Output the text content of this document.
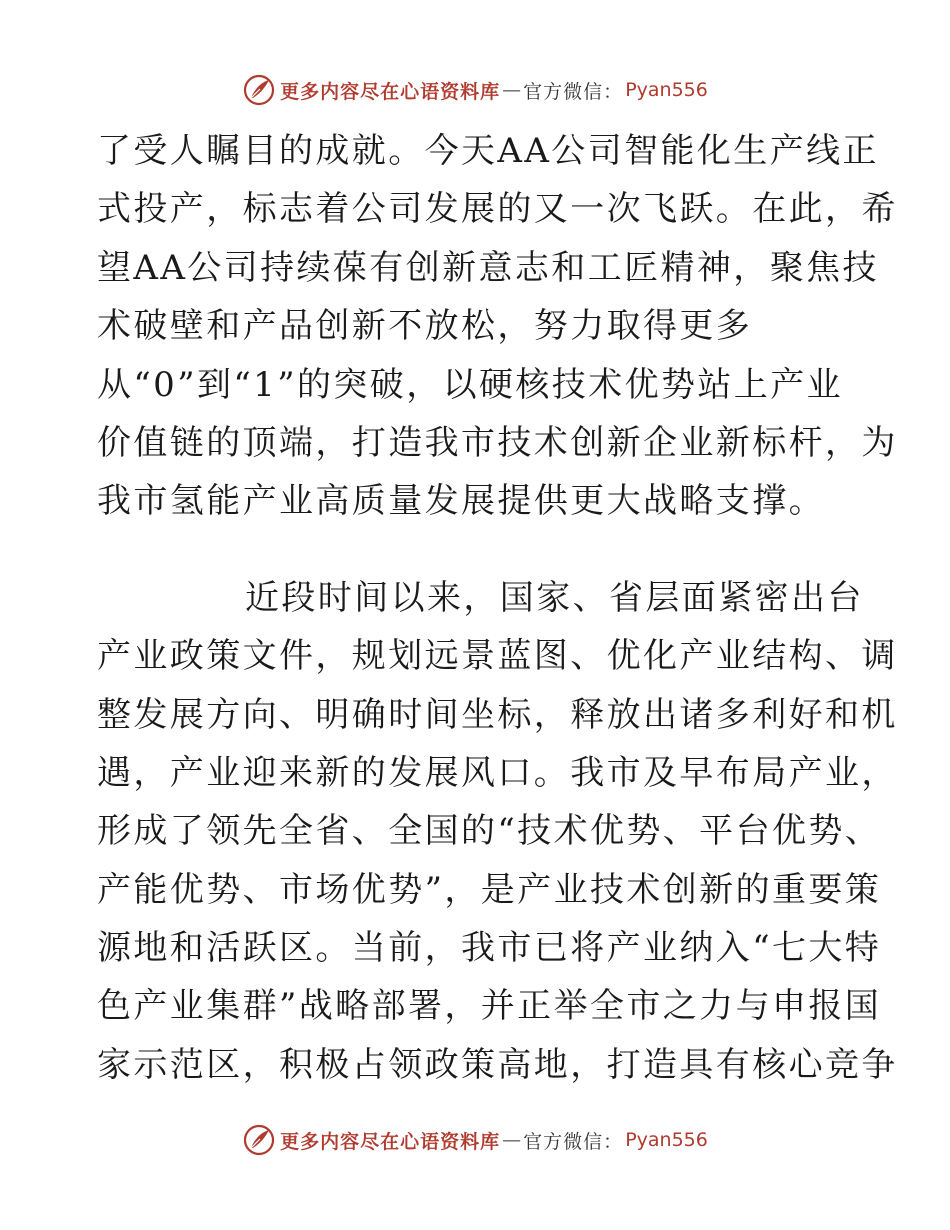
更多内容尽在心语资料库 — 官方微信： Pyan556
了受人瞩目的成就。今天AA公司智能化生产线正
式投产，标志着公司发展的又一次飞跃。在此，希
望AA公司持续葆有创新意志和工匠精神，聚焦技
术破壁和产品创新不放松，努力取得更多
从“0”到“1”的突破，以硬核技术优势站上产业
价值链的顶端，打造我市技术创新企业新标杆，为
我市氢能产业高质量发展提供更大战略支撑。
近段时间以来，国家、省层面紧密出台
产业政策文件，规划远景蓝图、优化产业结构、调
整发展方向、明确时间坐标，释放出诸多利好和机
遇，产业迎来新的发展风口。我市及早布局产业，
形成了领先全省、全国的“技术优势、平台优势、
产能优势、市场优势”，是产业技术创新的重要策
源地和活跃区。当前，我市已将产业纳入“七大特
色产业集群”战略部署，并正举全市之力与申报国
家示范区，积极占领政策高地，打造具有核心竞争
更多内容尽在心语资料库 — 官方微信： Pyan556
